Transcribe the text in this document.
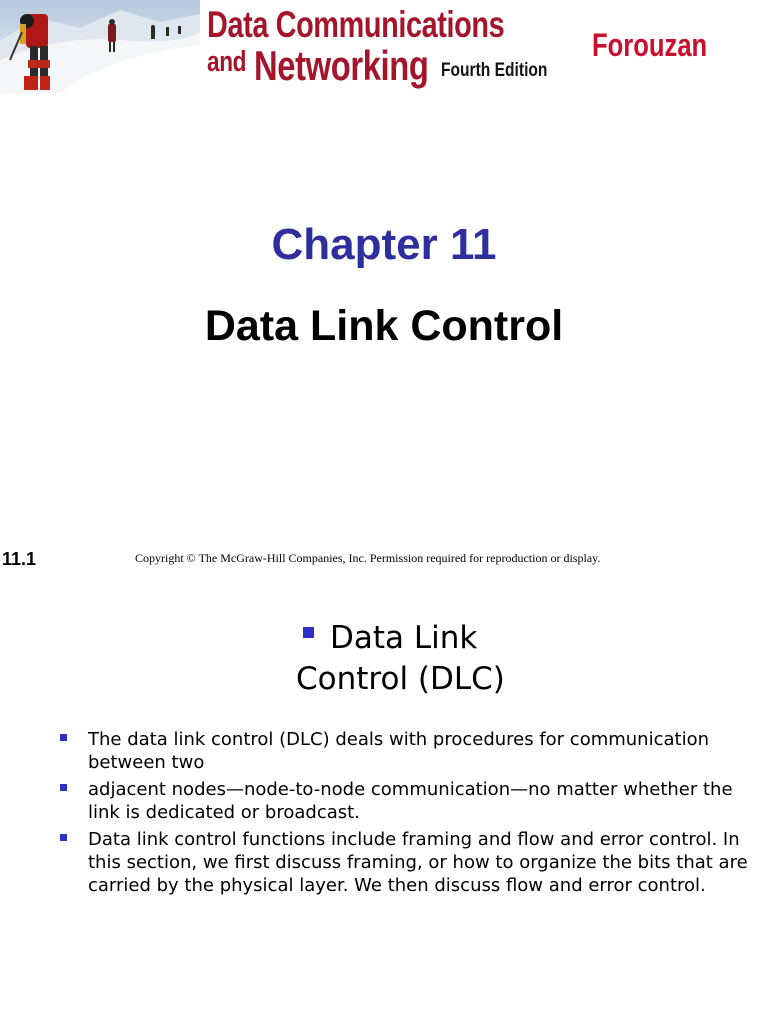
Data Communications
and Networking Fourth Edition
Forouzan
Chapter 11
Data Link Control
11.1	Copyright © The McGraw-Hill Companies, Inc. Permission required for reproduction or display.
Data Link
Control (DLC)
The data link control (DLC) deals with procedures for communication between two
adjacent nodes—node-to-node communication—no matter whether the link is dedicated or broadcast.
Data link control functions include framing and flow and error control. In this section, we first discuss framing, or how to organize the bits that are carried by the physical layer. We then discuss flow and error control.
